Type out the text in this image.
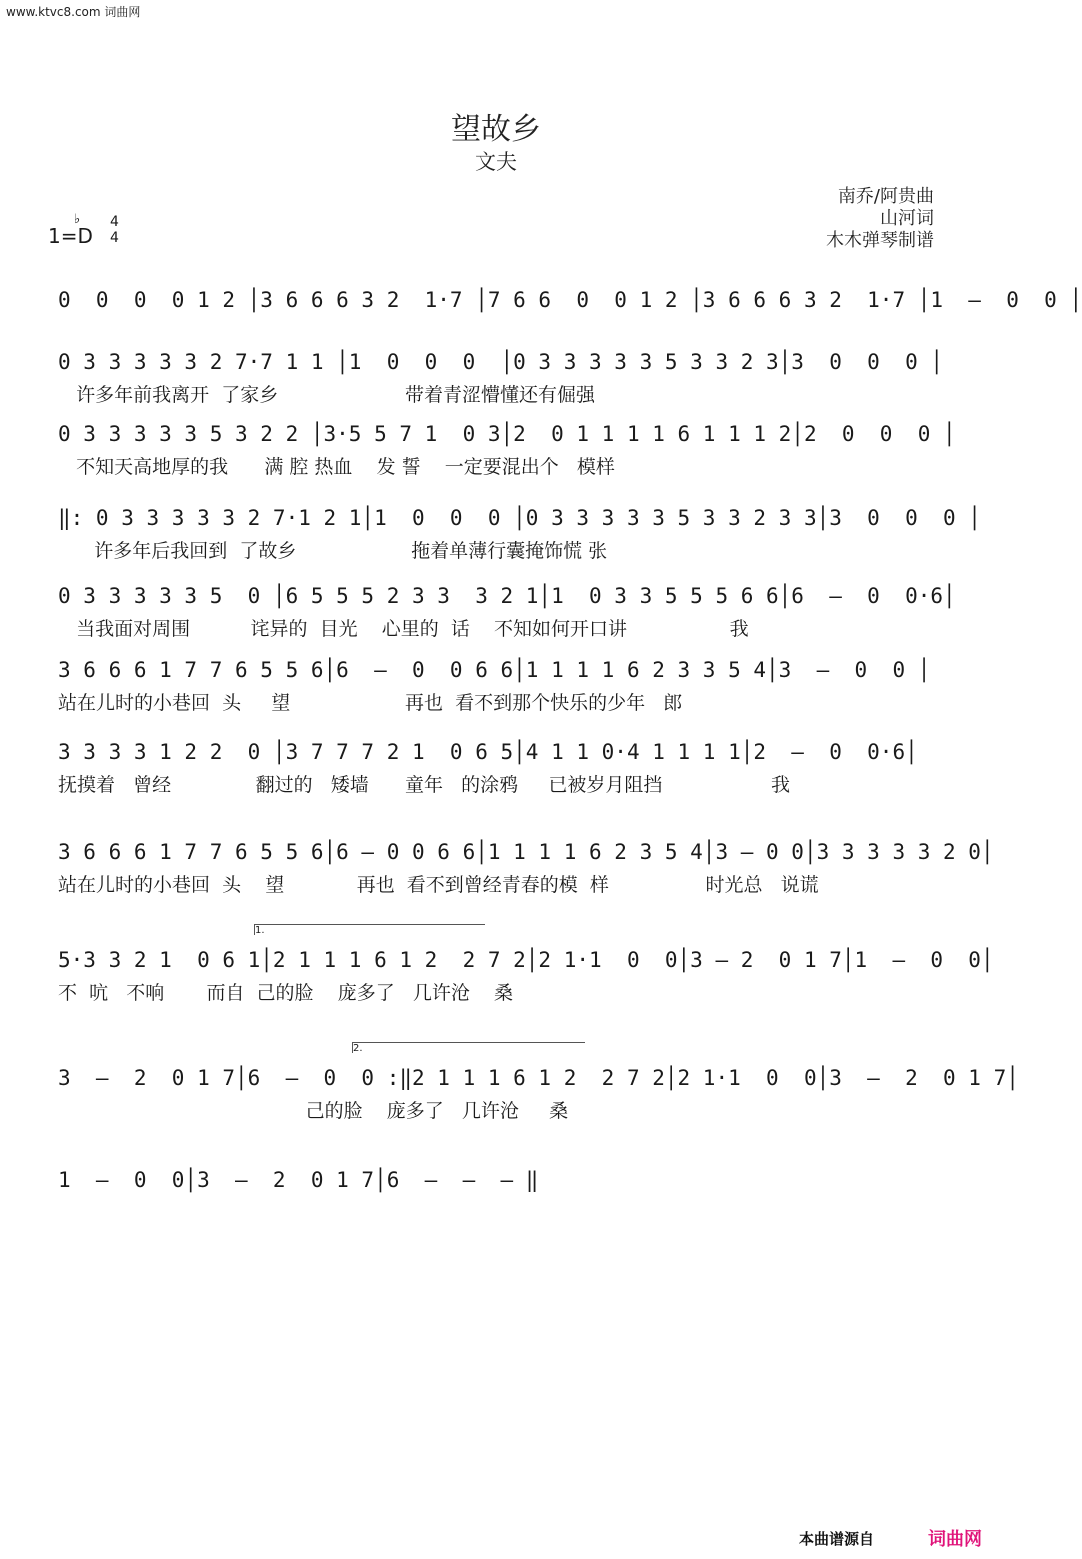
www.ktvc8.com 词曲网
望故乡
文夫
南乔/阿贵曲
山河词
木木弹琴制谱
1=D
♭ 4
4
0  0  0  0 1 2 │3 6 6 6 3 2  1·7 │7 6 6  0  0 1 2 │3 6 6 6 3 2  1·7 │1  —  0  0 │
0 3 3 3 3 3 2 7·7 1 1 │1  0  0  0  │0 3 3 3 3 3 5 3 3 2 3│3  0  0  0 │
许多年前我离开  了家乡                     带着青涩懵懂还有倔强
0 3 3 3 3 3 5 3 2 2 │3·5 5 7 1  0 3│2  0 1 1 1 1 6 1 1 1 2│2  0  0  0 │
不知天高地厚的我      满 腔 热血    发 誓    一定要混出个   模样
‖: 0 3 3 3 3 3 2 7·1 2 1│1  0  0  0 │0 3 3 3 3 3 5 3 3 2 3 3│3  0  0  0 │
许多年后我回到  了故乡                   拖着单薄行囊掩饰慌 张
0 3 3 3 3 3 5  0 │6 5 5 5 2 3 3  3 2 1│1  0 3 3 5 5 5 6 6│6  —  0  0·6│
当我面对周围          诧异的  目光    心里的  话    不知如何开口讲                 我
3 6 6 6 1 7 7 6 5 5 6│6  —  0  0 6 6│1 1 1 1 6 2 3 3 5 4│3  —  0  0 │
站在儿时的小巷回  头     望                   再也  看不到那个快乐的少年   郎
3 3 3 3 1 2 2  0 │3 7 7 7 2 1  0 6 5│4 1 1 0·4 1 1 1 1│2  —  0  0·6│
抚摸着   曾经              翻过的   矮墙      童年   的涂鸦     已被岁月阻挡                  我
3 6 6 6 1 7 7 6 5 5 6│6 — 0 0 6 6│1 1 1 1 6 2 3 5 4│3 — 0 0│3 3 3 3 3 2 0│
站在儿时的小巷回  头    望            再也  看不到曾经青春的模  样                时光总   说谎
1.
5·3 3 2 1  0 6 1│2 1 1 1 6 1 2  2 7 2│2 1·1  0  0│3 — 2  0 1 7│1  —  0  0│
不  吭   不响       而自  己的脸    庞多了   几许沧    桑
2.
3  —  2  0 1 7│6  —  0  0 :‖2 1 1 1 6 1 2  2 7 2│2 1·1  0  0│3  —  2  0 1 7│
己的脸    庞多了   几许沧     桑
1  —  0  0│3  —  2  0 1 7│6  —  —  — ‖
本曲谱源自	词曲网
